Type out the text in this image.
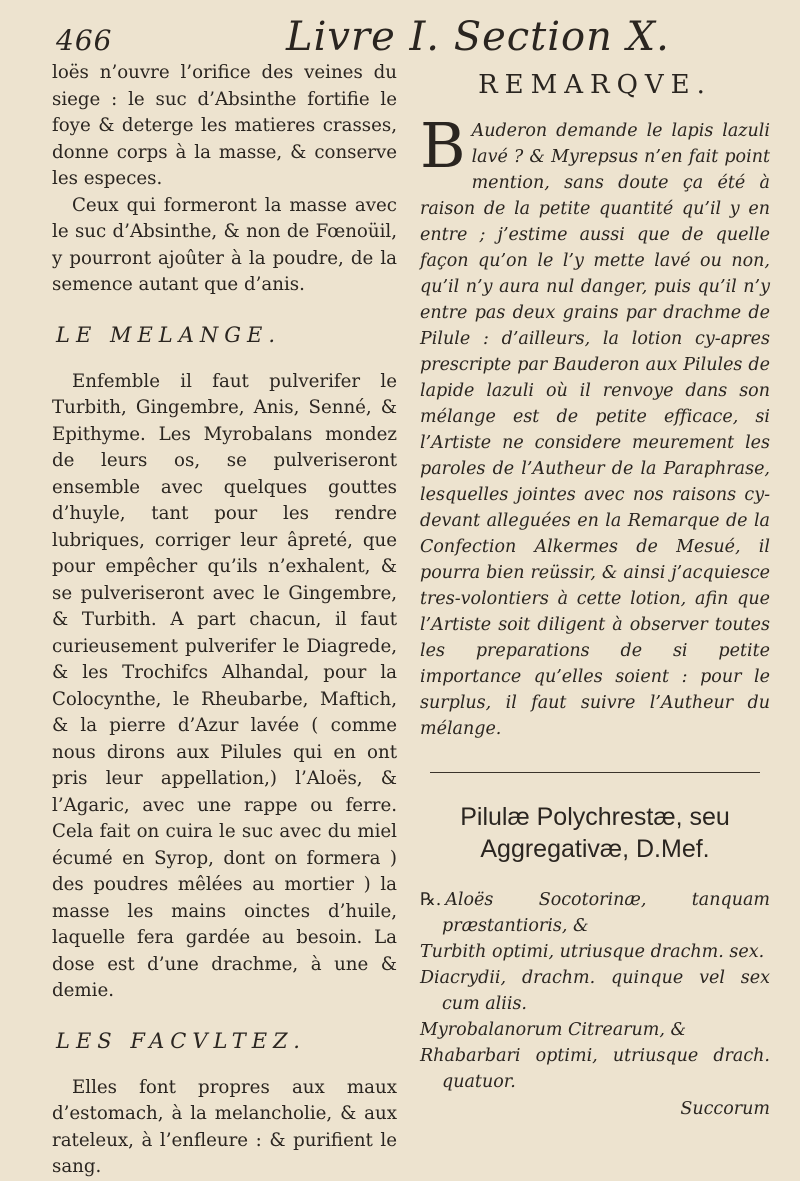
466	Livre I. Section X.

loës n’ouvre l’orifice des veines du siege : le suc d’Absinthe fortifie le foye & deterge les matieres crasses, donne corps à la masse, & conserve les especes.

Ceux qui formeront la masse avec le suc d’Absinthe, & non de Fœnoüil, y pourront ajoûter à la poudre, de la semence autant que d’anis.

LE MELANGE.

Enfemble il faut pulverifer le Turbith, Gingembre, Anis, Senné, & Epithyme. Les Myrobalans mondez de leurs os, se pulveriseront ensemble avec quelques gouttes d’huyle, tant pour les rendre lubriques, corriger leur âpreté, que pour empêcher qu’ils n’exhalent, & se pulveriseront avec le Gingembre, & Turbith. A part chacun, il faut curieusement pulverifer le Diagrede, & les Trochifcs Alhandal, pour la Colocynthe, le Rheubarbe, Maftich, & la pierre d’Azur lavée ( comme nous dirons aux Pilules qui en ont pris leur appellation,) l’Aloës, & l’Agaric, avec une rappe ou ferre. Cela fait on cuira le suc avec du miel écumé en Syrop, dont on formera ) des poudres mêlées au mortier ) la masse les mains oinctes d’huile, laquelle fera gardée au besoin. La dose est d’une drachme, à une & demie.

LES FACVLTEZ.

Elles font propres aux maux d’estomach, à la melancholie, & aux rateleux, à l’enfleure : & purifient le sang.

REMARQVE.

B Auderon demande le lapis lazuli lavé ? & Myrepsus n’en fait point mention, sans doute ça été à raison de la petite quantité qu’il y en entre ; j’estime aussi que de quelle façon qu’on le l’y mette lavé ou non, qu’il n’y aura nul danger, puis qu’il n’y entre pas deux grains par drachme de Pilule : d’ailleurs, la lotion cy-apres prescripte par Bauderon aux Pilules de lapide lazuli où il renvoye dans son mélange est de petite efficace, si l’Artiste ne considere meurement les paroles de l’Autheur de la Paraphrase, lesquelles jointes avec nos raisons cy-devant alleguées en la Remarque de la Confection Alkermes de Mesué, il pourra bien reüssir, & ainsi j’acquiesce tres-volontiers à cette lotion, afin que l’Artiste soit diligent à observer toutes les preparations de si petite importance qu’elles soient : pour le surplus, il faut suivre l’Autheur du mélange.

Pilulæ Polychrestæ, seu Aggregativæ, D.Mef.

℞. Aloës Socotorinæ, tanquam præstantioris, &

Turbith optimi, utriusque drachm. sex.

Diacrydii, drachm. quinque vel sex cum aliis.

Myrobalanorum Citrearum, &

Rhabarbari optimi, utriusque drach. quatuor.

Succorum
